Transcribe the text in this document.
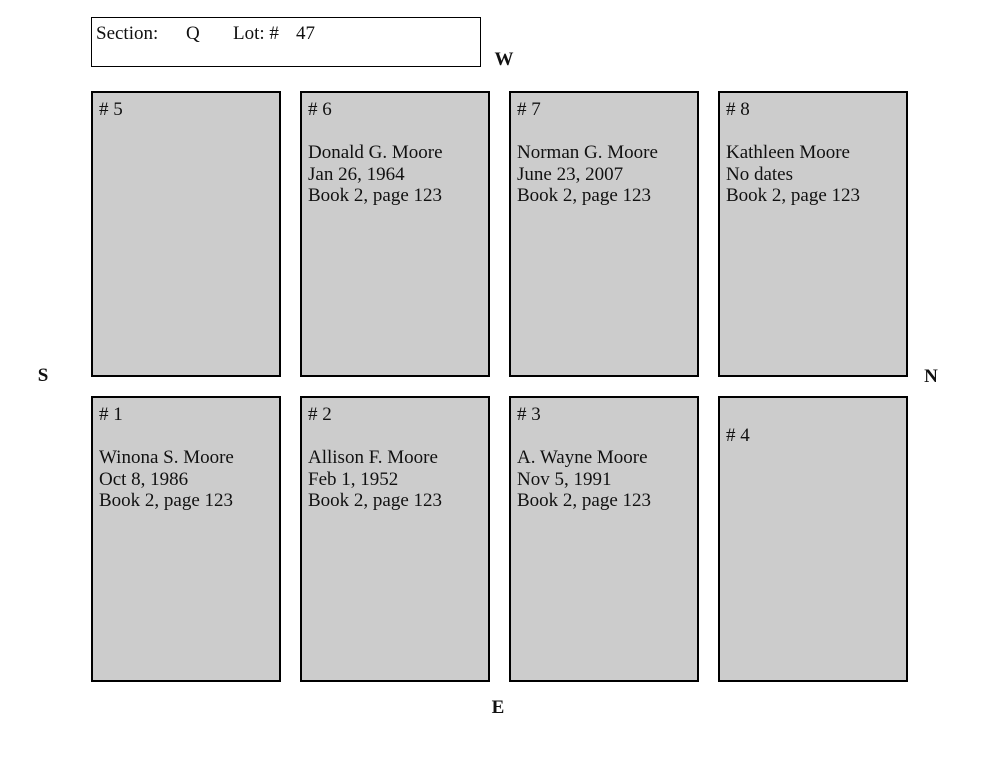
Section: Q Lot: # 47
W
S	N
E
# 5	# 6
Donald G. Moore
Jan 26, 1964
Book 2, page 123
# 7
Norman G. Moore
June 23, 2007
Book 2, page 123
# 8
Kathleen Moore
No dates
Book 2, page 123
# 1
Winona S. Moore
Oct 8, 1986
Book 2, page 123
# 2
Allison F. Moore
Feb 1, 1952
Book 2, page 123
# 3
A. Wayne Moore
Nov 5, 1991
Book 2, page 123
# 4
